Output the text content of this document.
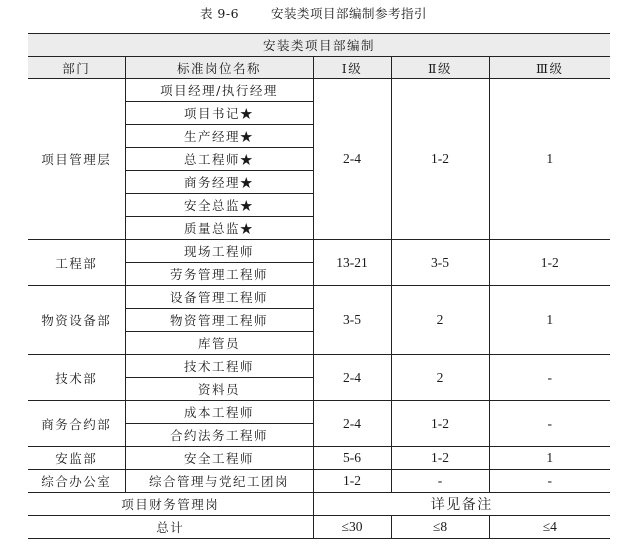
表 9-6	安装类项目部编制参考指引
安装类项目部编制				
部门	标准岗位名称	Ⅰ级	Ⅱ级	Ⅲ级
项目管理层	项目经理/执行经理	2-4	1-2	1
	项目书记★			
	生产经理★			
	总工程师★			
	商务经理★			
	安全总监★			
	质量总监★			
工程部	现场工程师	13-21	3-5	1-2
	劳务管理工程师			
物资设备部	设备管理工程师	3-5	2	1
	物资管理工程师			
	库管员			
技术部	技术工程师	2-4	2	-
	资料员			
商务合约部	成本工程师	2-4	1-2	-
	合约法务工程师			
安监部	安全工程师	5-6	1-2	1
综合办公室	综合管理与党纪工团岗	1-2	-	-
项目财务管理岗		详见备注		
总计		≤30	≤8	≤4
